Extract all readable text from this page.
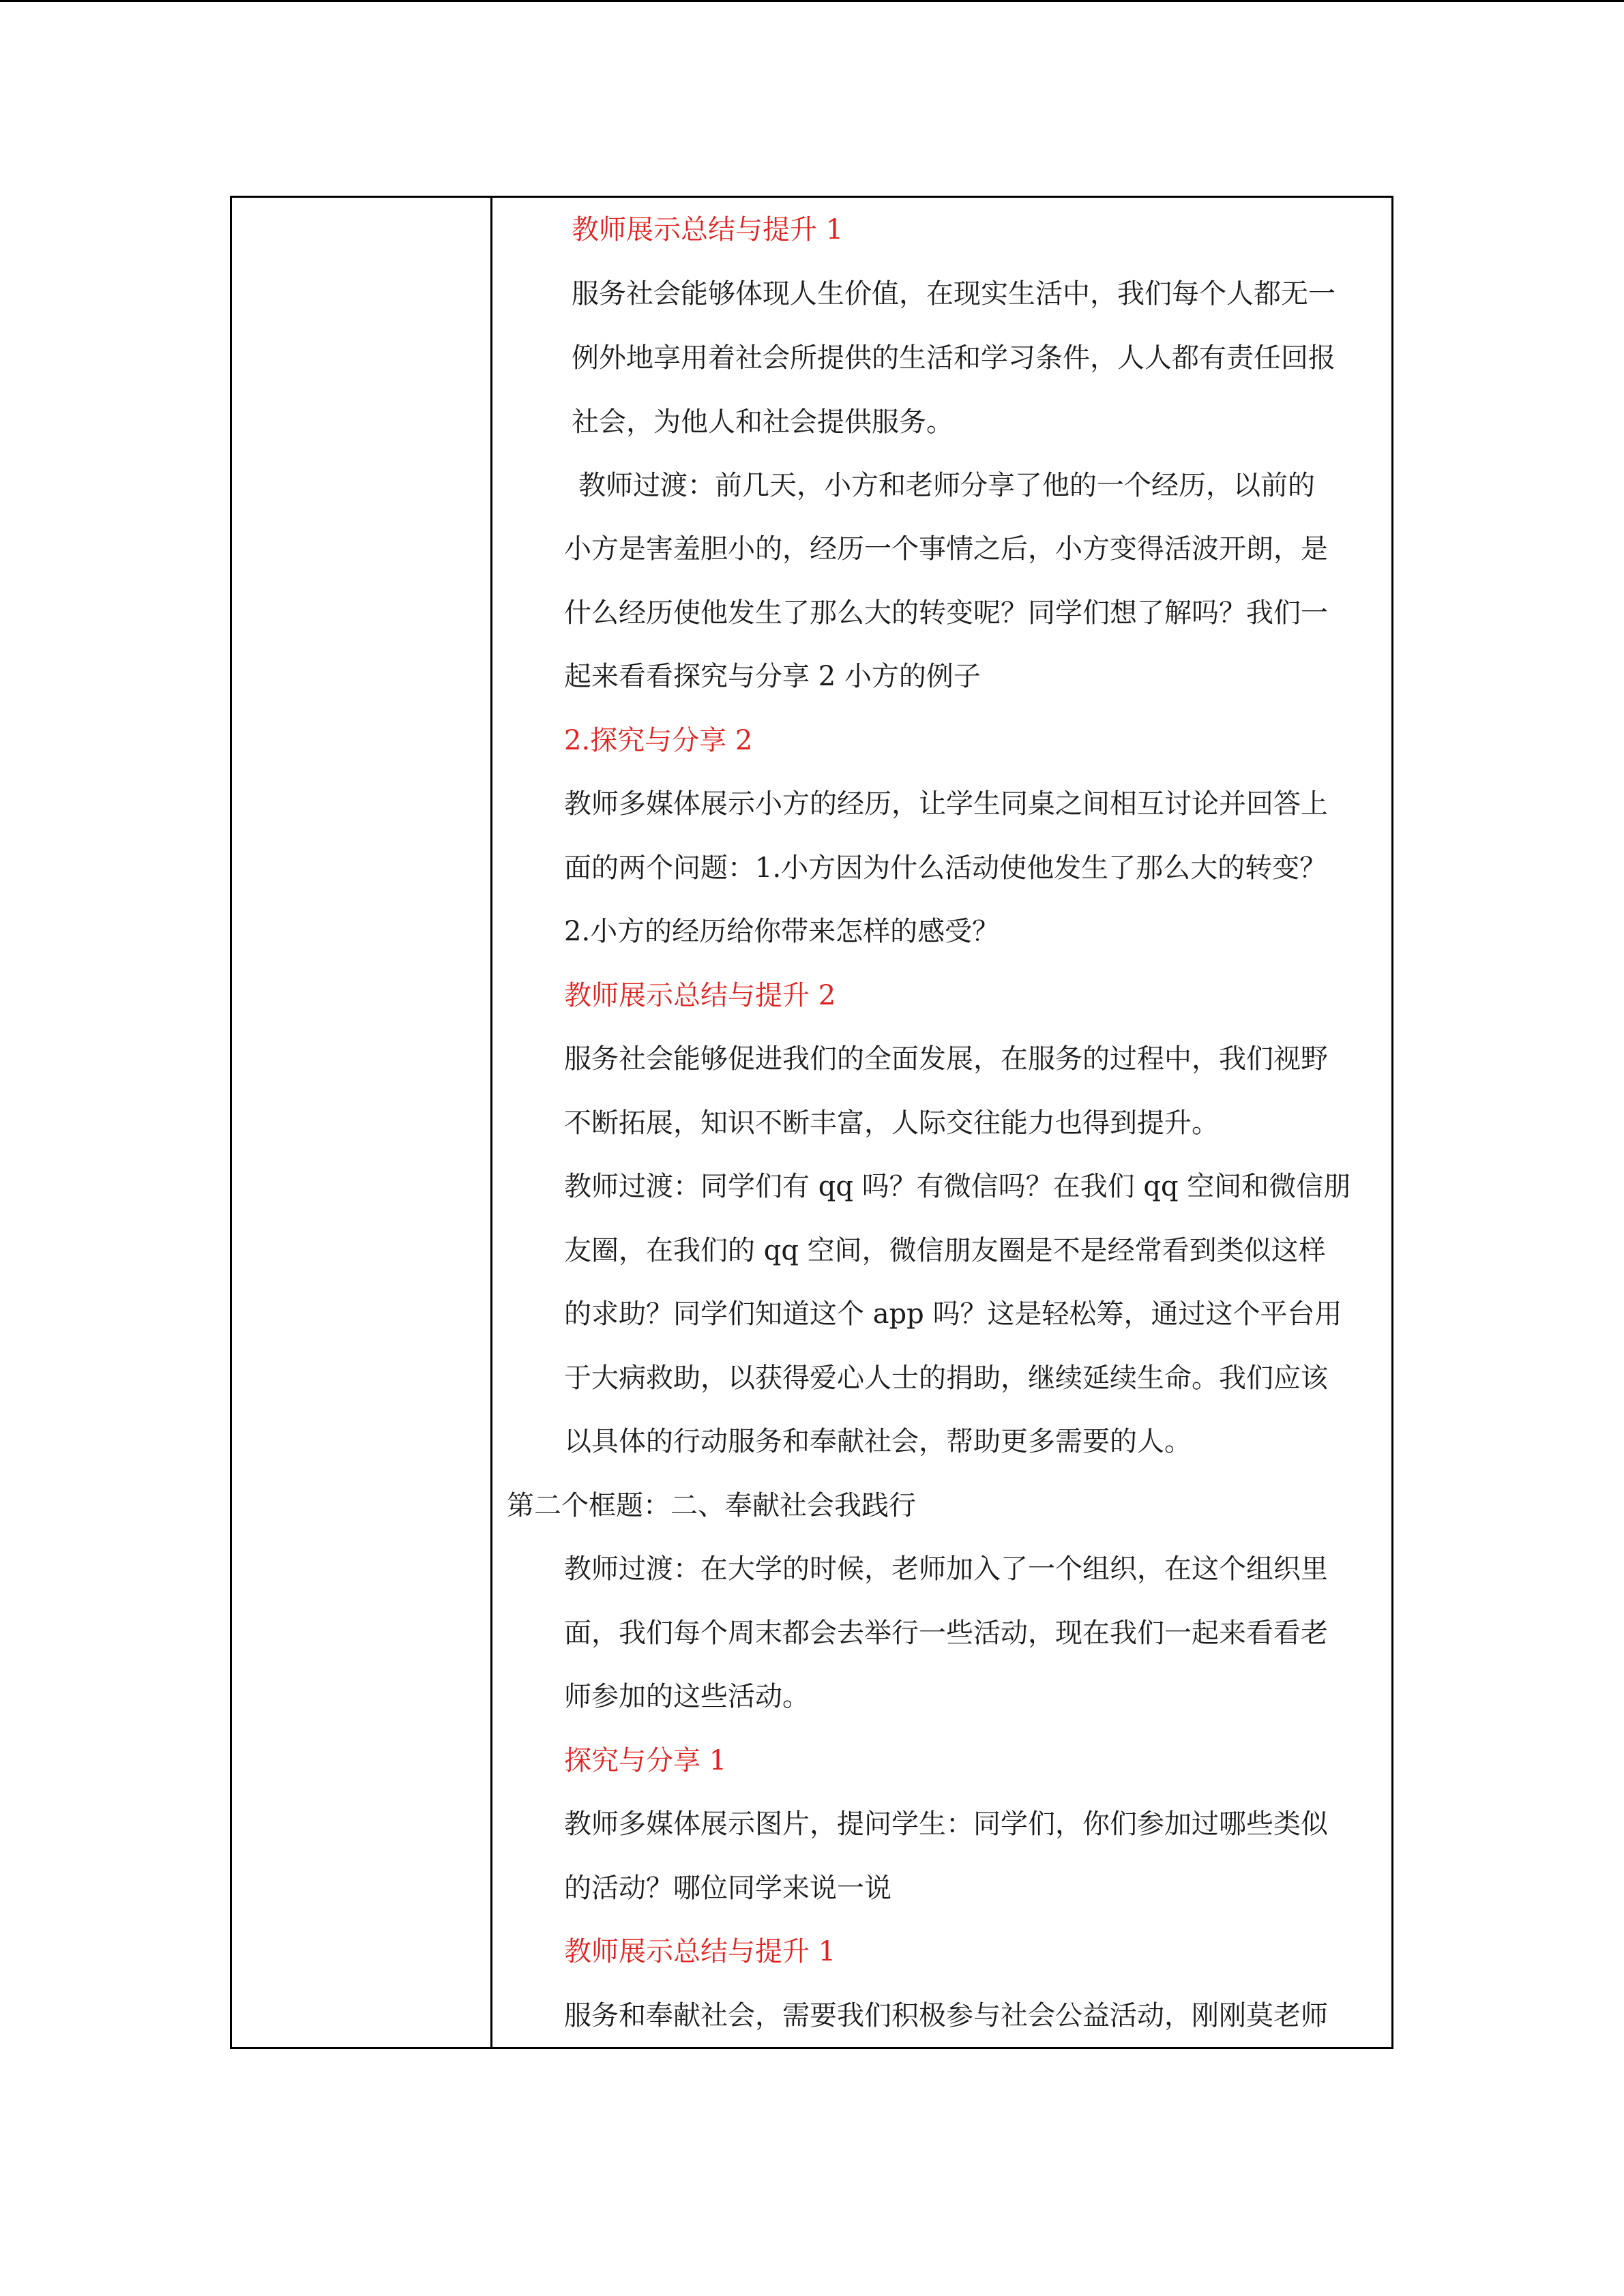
教师展示总结与提升 1
服务社会能够体现人生价值，在现实生活中，我们每个人都无一
例外地享用着社会所提供的生活和学习条件，人人都有责任回报
社会，为他人和社会提供服务。
教师过渡：前几天，小方和老师分享了他的一个经历，以前的
小方是害羞胆小的，经历一个事情之后，小方变得活波开朗，是
什么经历使他发生了那么大的转变呢？同学们想了解吗？我们一
起来看看探究与分享 2 小方的例子
2.探究与分享 2
教师多媒体展示小方的经历，让学生同桌之间相互讨论并回答上
面的两个问题：1.小方因为什么活动使他发生了那么大的转变？
2.小方的经历给你带来怎样的感受？
教师展示总结与提升 2
服务社会能够促进我们的全面发展，在服务的过程中，我们视野
不断拓展，知识不断丰富，人际交往能力也得到提升。
教师过渡：同学们有 qq 吗？有微信吗？在我们 qq 空间和微信朋
友圈，在我们的 qq 空间，微信朋友圈是不是经常看到类似这样
的求助？同学们知道这个 app 吗？这是轻松筹，通过这个平台用
于大病救助，以获得爱心人士的捐助，继续延续生命。我们应该
以具体的行动服务和奉献社会，帮助更多需要的人。
第二个框题：二、奉献社会我践行
教师过渡：在大学的时候，老师加入了一个组织，在这个组织里
面，我们每个周末都会去举行一些活动，现在我们一起来看看老
师参加的这些活动。
探究与分享 1
教师多媒体展示图片，提问学生：同学们，你们参加过哪些类似
的活动？哪位同学来说一说
教师展示总结与提升 1
服务和奉献社会，需要我们积极参与社会公益活动，刚刚莫老师
